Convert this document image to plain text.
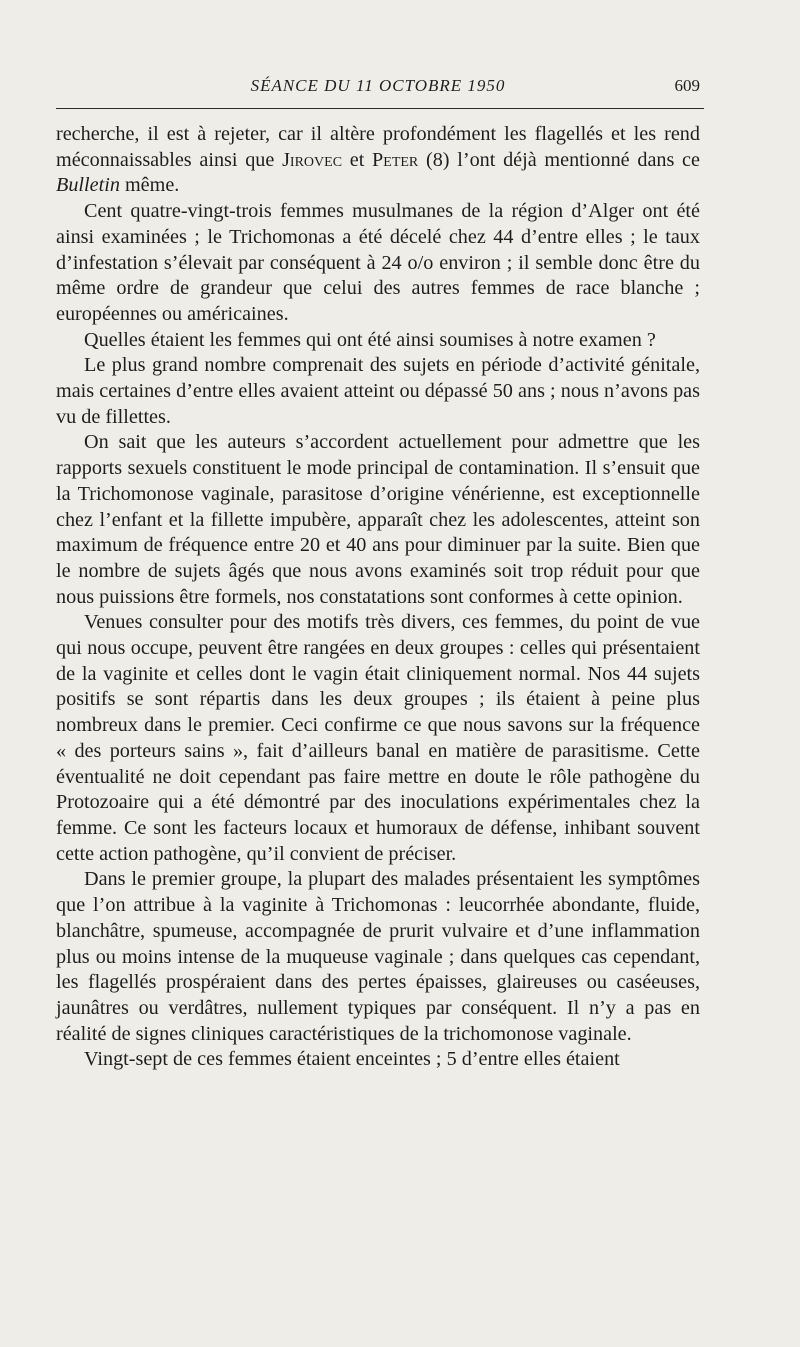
SÉANCE DU 11 OCTOBRE 1950	609

recherche, il est à rejeter, car il altère profondément les flagellés et les rend méconnaissables ainsi que Jirovec et Peter (8) l’ont déjà mentionné dans ce Bulletin même.

Cent quatre-vingt-trois femmes musulmanes de la région d’Alger ont été ainsi examinées ; le Trichomonas a été décelé chez 44 d’entre elles ; le taux d’infestation s’élevait par conséquent à 24 o/o environ ; il semble donc être du même ordre de grandeur que celui des autres femmes de race blanche ; européennes ou américaines.

Quelles étaient les femmes qui ont été ainsi soumises à notre examen ?

Le plus grand nombre comprenait des sujets en période d’activité génitale, mais certaines d’entre elles avaient atteint ou dépassé 50 ans ; nous n’avons pas vu de fillettes.

On sait que les auteurs s’accordent actuellement pour admettre que les rapports sexuels constituent le mode principal de contamination. Il s’ensuit que la Trichomonose vaginale, parasitose d’origine vénérienne, est exceptionnelle chez l’enfant et la fillette impubère, apparaît chez les adolescentes, atteint son maximum de fréquence entre 20 et 40 ans pour diminuer par la suite. Bien que le nombre de sujets âgés que nous avons examinés soit trop réduit pour que nous puissions être formels, nos constatations sont conformes à cette opinion.

Venues consulter pour des motifs très divers, ces femmes, du point de vue qui nous occupe, peuvent être rangées en deux groupes : celles qui présentaient de la vaginite et celles dont le vagin était cliniquement normal. Nos 44 sujets positifs se sont répartis dans les deux groupes ; ils étaient à peine plus nombreux dans le premier. Ceci confirme ce que nous savons sur la fréquence « des porteurs sains », fait d’ailleurs banal en matière de parasitisme. Cette éventualité ne doit cependant pas faire mettre en doute le rôle pathogène du Protozoaire qui a été démontré par des inoculations expérimentales chez la femme. Ce sont les facteurs locaux et humoraux de défense, inhibant souvent cette action pathogène, qu’il convient de préciser.

Dans le premier groupe, la plupart des malades présentaient les symptômes que l’on attribue à la vaginite à Trichomonas : leucorrhée abondante, fluide, blanchâtre, spumeuse, accompagnée de prurit vulvaire et d’une inflammation plus ou moins intense de la muqueuse vaginale ; dans quelques cas cependant, les flagellés prospéraient dans des pertes épaisses, glaireuses ou caséeuses, jaunâtres ou verdâtres, nullement typiques par conséquent. Il n’y a pas en réalité de signes cliniques caractéristiques de la trichomonose vaginale.

Vingt-sept de ces femmes étaient enceintes ; 5 d’entre elles étaient
